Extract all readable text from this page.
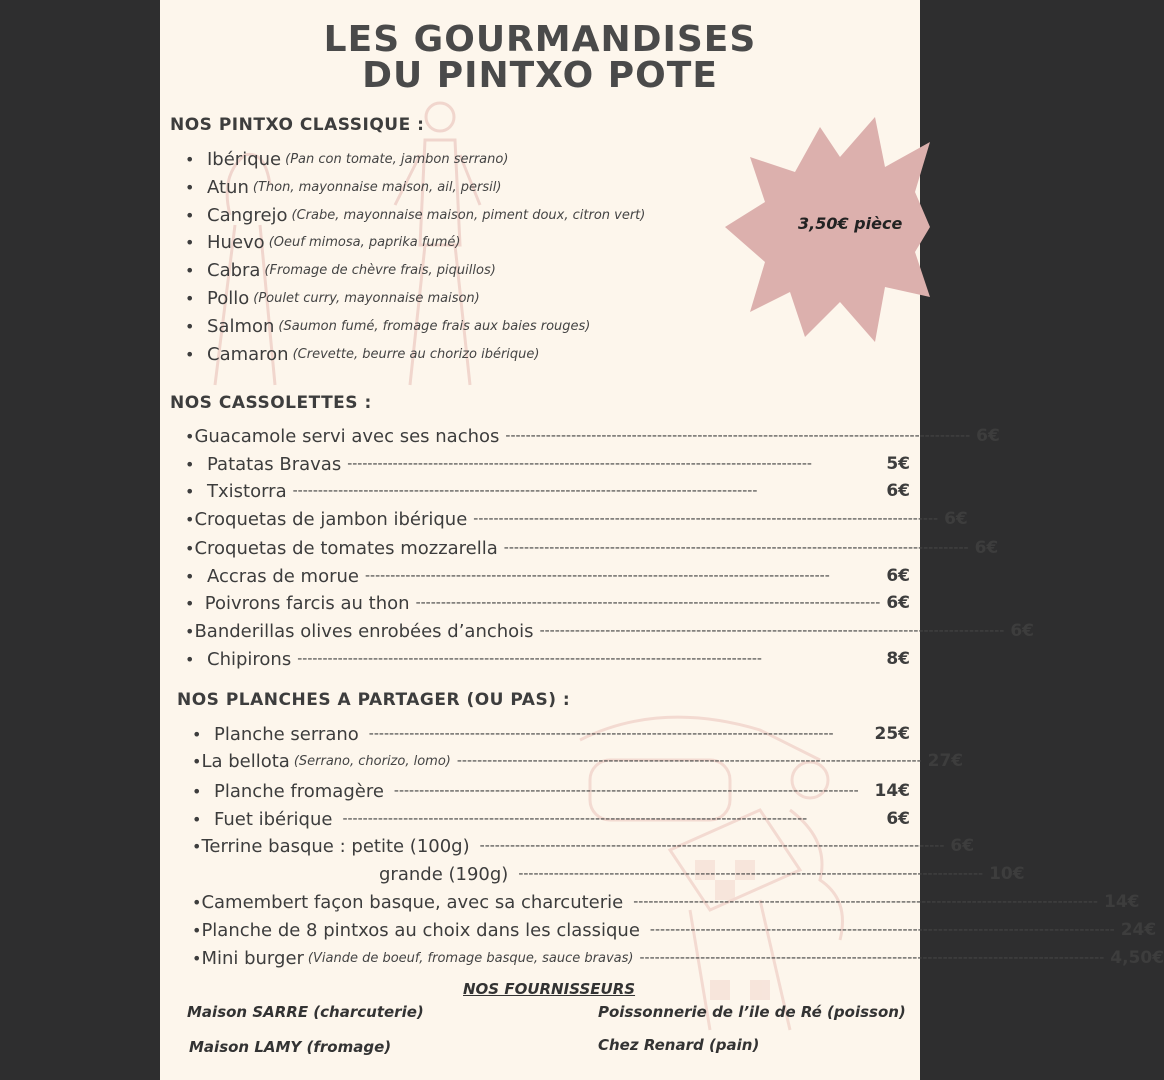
LES GOURMANDISES
DU PINTXO POTE
3,50€ pièce
NOS PINTXO CLASSIQUE :
• Ibérique (Pan con tomate, jambon serrano)
• Atun (Thon, mayonnaise maison, ail, persil)
• Cangrejo (Crabe, mayonnaise maison, piment doux, citron vert)
• Huevo (Oeuf mimosa, paprika fumé)
• Cabra (Fromage de chèvre frais, piquillos)
• Pollo (Poulet curry, mayonnaise maison)
• Salmon (Saumon fumé, fromage frais aux baies rouges)
• Camaron (Crevette, beurre au chorizo ibérique)
NOS CASSOLETTES :
• Guacamole servi avec ses nachos -------------------------------------------------------------------------------------------- 6€
• Patatas Bravas --------------------------------------------------------------------------------------------	5€
• Txistorra --------------------------------------------------------------------------------------------	6€
• Croquetas de jambon ibérique -------------------------------------------------------------------------------------------- 6€
• Croquetas de tomates mozzarella -------------------------------------------------------------------------------------------- 6€
• Accras de morue --------------------------------------------------------------------------------------------	6€
• Poivrons farcis au thon -------------------------------------------------------------------------------------------- 6€
• Banderillas olives enrobées d’anchois -------------------------------------------------------------------------------------------- 6€
• Chipirons --------------------------------------------------------------------------------------------	8€
NOS PLANCHES A PARTAGER (OU PAS) :
• Planche serrano --------------------------------------------------------------------------------------------	25€
• La bellota (Serrano, chorizo, lomo) -------------------------------------------------------------------------------------------- 27€
• Planche fromagère -------------------------------------------------------------------------------------------- 14€
• Fuet ibérique --------------------------------------------------------------------------------------------	6€
• Terrine basque : petite (100g) -------------------------------------------------------------------------------------------- 6€
grande (190g) -------------------------------------------------------------------------------------------- 10€
• Camembert façon basque, avec sa charcuterie -------------------------------------------------------------------------------------------- 14€
• Planche de 8 pintxos au choix dans les classique -------------------------------------------------------------------------------------------- 24€
• Mini burger (Viande de boeuf, fromage basque, sauce bravas) -------------------------------------------------------------------------------------------- 4,50€
NOS FOURNISSEURS
Maison SARRE (charcuterie)
Maison LAMY (fromage)
Poissonnerie de l’ile de Ré (poisson)
Chez Renard (pain)
